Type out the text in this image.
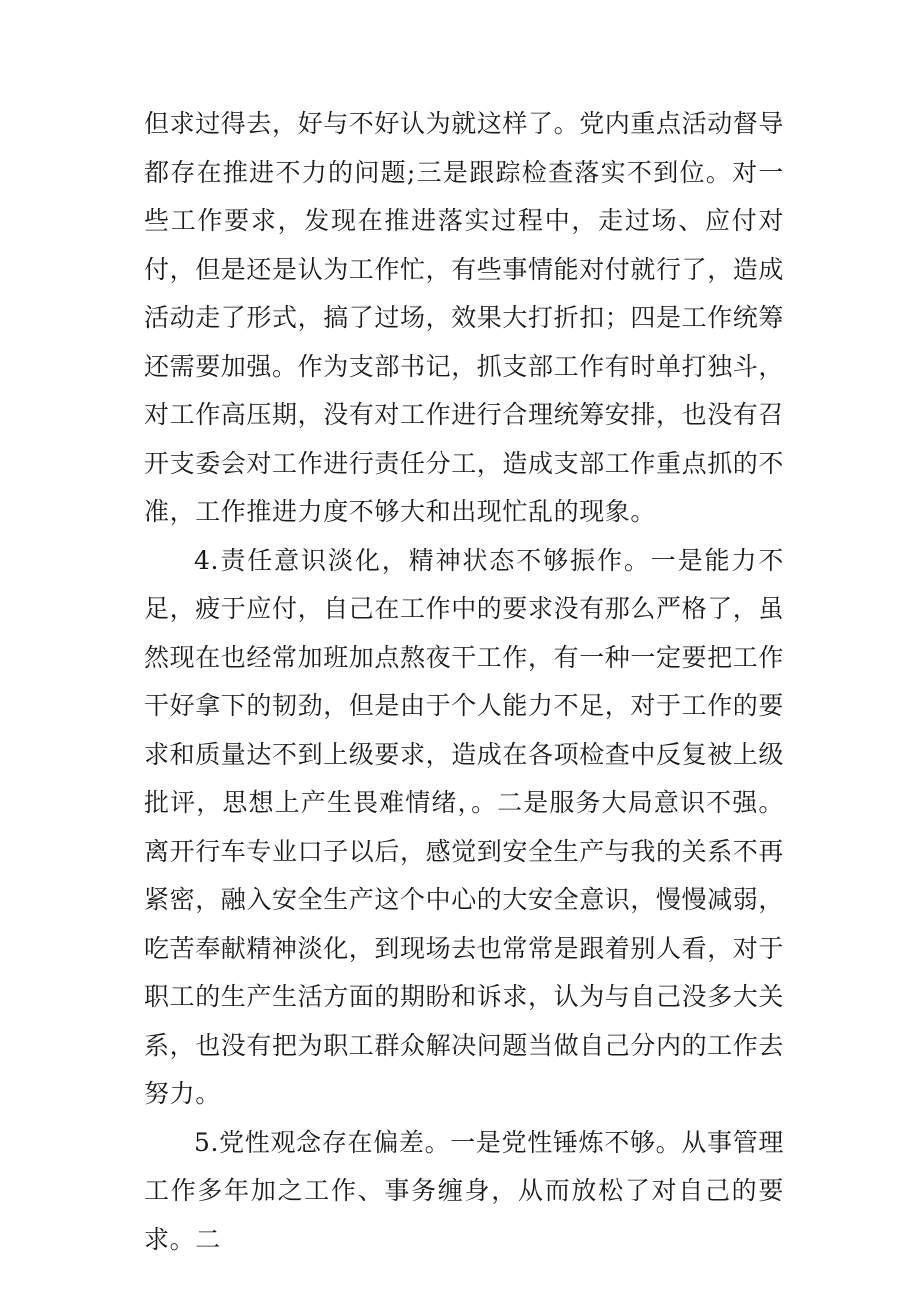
但求过得去，好与不好认为就这样了。党内重点活动督导都存在推进不力的问题;三是跟踪检查落实不到位。对一些工作要求，发现在推进落实过程中，走过场、应付对付，但是还是认为工作忙，有些事情能对付就行了，造成活动走了形式，搞了过场，效果大打折扣；四是工作统筹还需要加强。作为支部书记，抓支部工作有时单打独斗，对工作高压期，没有对工作进行合理统筹安排，也没有召开支委会对工作进行责任分工，造成支部工作重点抓的不准，工作推进力度不够大和出现忙乱的现象。

4.责任意识淡化，精神状态不够振作。一是能力不足，疲于应付，自己在工作中的要求没有那么严格了，虽然现在也经常加班加点熬夜干工作，有一种一定要把工作干好拿下的韧劲，但是由于个人能力不足，对于工作的要求和质量达不到上级要求，造成在各项检查中反复被上级批评，思想上产生畏难情绪，。二是服务大局意识不强。离开行车专业口子以后，感觉到安全生产与我的关系不再紧密，融入安全生产这个中心的大安全意识，慢慢减弱，吃苦奉献精神淡化，到现场去也常常是跟着别人看，对于职工的生产生活方面的期盼和诉求，认为与自己没多大关系，也没有把为职工群众解决问题当做自己分内的工作去努力。

5.党性观念存在偏差。一是党性锤炼不够。从事管理工作多年加之工作、事务缠身，从而放松了对自己的要求。二
